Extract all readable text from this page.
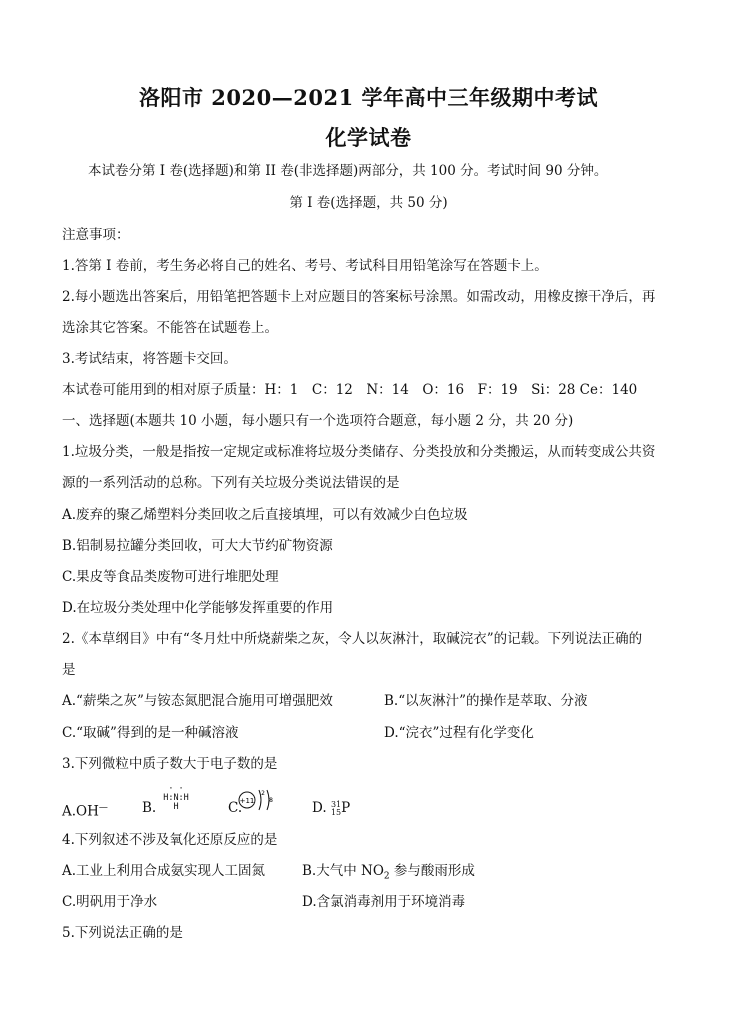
洛阳市 2020—2021 学年高中三年级期中考试
化学试卷
本试卷分第 I 卷(选择题)和第 II 卷(非选择题)两部分，共 100 分。考试时间 90 分钟。
第 I 卷(选择题，共 50 分)
注意事项：
1.答第 I 卷前，考生务必将自己的姓名、考号、考试科目用铅笔涂写在答题卡上。
2.每小题选出答案后，用铅笔把答题卡上对应题目的答案标号涂黑。如需改动，用橡皮擦干净后，再
选涂其它答案。不能答在试题卷上。
3.考试结束，将答题卡交回。
本试卷可能用到的相对原子质量：H：1　C：12　N：14　O：16　F：19　Si：28 Ce：140
一、选择题(本题共 10 小题，每小题只有一个选项符合题意，每小题 2 分，共 20 分)
1.垃圾分类，一般是指按一定规定或标准将垃圾分类储存、分类投放和分类搬运，从而转变成公共资
源的一系列活动的总称。下列有关垃圾分类说法错误的是
A.废弃的聚乙烯塑料分类回收之后直接填埋，可以有效减少白色垃圾
B.铝制易拉罐分类回收，可大大节约矿物资源
C.果皮等食品类废物可进行堆肥处理
D.在垃圾分类处理中化学能够发挥重要的作用
2.《本草纲目》中有“冬月灶中所烧薪柴之灰，令人以灰淋汁，取碱浣衣”的记载。下列说法正确的
是
A.“薪柴之灰”与铵态氮肥混合施用可增强肥效	B.“以灰淋汁”的操作是萃取、分液
C.“取碱”得到的是一种碱溶液	D.“浣衣”过程有化学变化
3.下列微粒中质子数大于电子数的是
A.OH—	B.
· ·
H:N:H
H	C.
+11
2
8	D. 31
15 P
4.下列叙述不涉及氧化还原反应的是
A.工业上利用合成氨实现人工固氮	B.大气中 $NO_2$ 参与酸雨形成
C.明矾用于净水	D.含氯消毒剂用于环境消毒
5.下列说法正确的是
